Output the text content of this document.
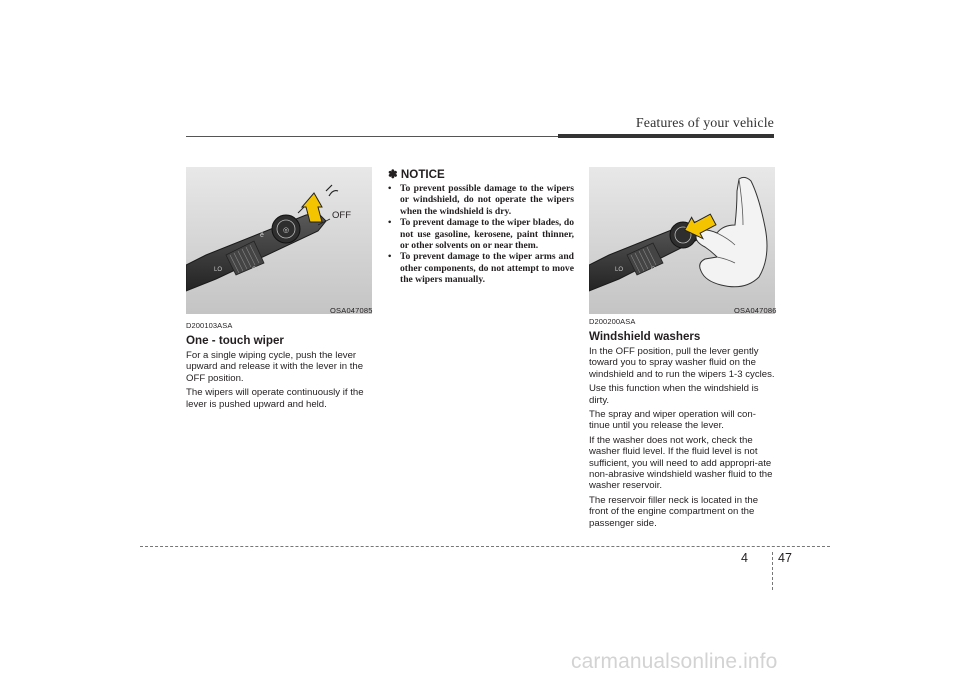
Features of your vehicle
◎
ē
LO	OFF
OFF
OSA047085
D200103ASA
One - touch wiper

For a single wiping cycle, push the lever upward and release it with the lever in the OFF position.

The wipers will operate continuously if the lever is pushed upward and held.

✽ NOTICE
• To prevent possible damage to the wipers or windshield, do not operate the wipers when the windshield is dry.
• To prevent damage to the wiper blades, do not use gasoline, kerosene, paint thinner, or other solvents on or near them.
• To prevent damage to the wiper arms and other components, do not attempt to move the wipers manually.
LO	OFF
OSA047086
D200200ASA
Windshield washers

In the OFF position, pull the lever gently toward you to spray washer fluid on the windshield and to run the wipers 1-3 cycles.

Use this function when the windshield is dirty.

The spray and wiper operation will con-tinue until you release the lever.

If the washer does not work, check the washer fluid level. If the fluid level is not sufficient, you will need to add appropri-ate non-abrasive windshield washer fluid to the washer reservoir.

The reservoir filler neck is located in the front of the engine compartment on the passenger side.

4 47
carmanualsonline.info
